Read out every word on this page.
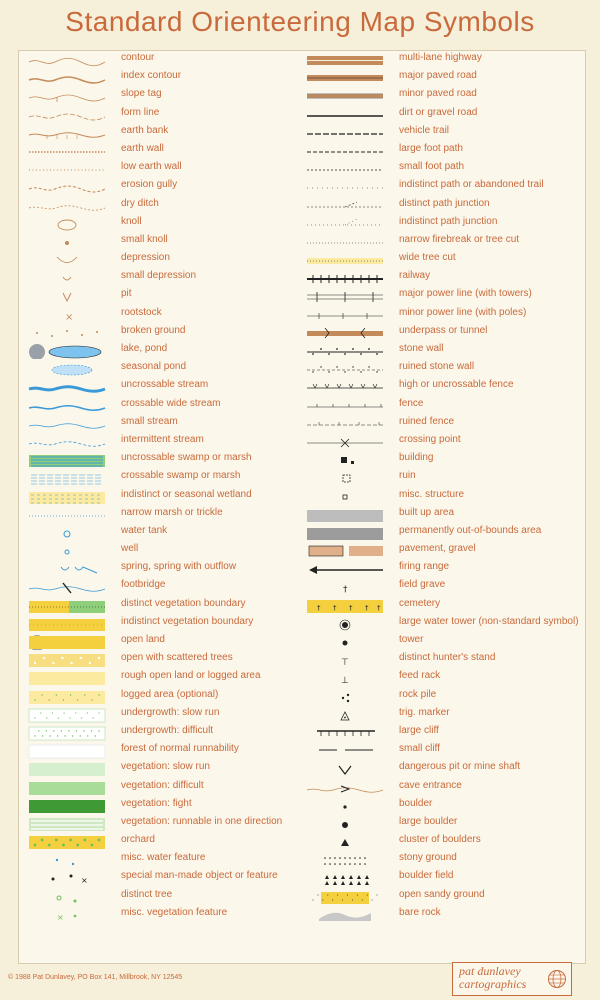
Standard Orienteering Map Symbols
contour
index contour
slope tag
form line
earth bank
earth wall
low earth wall
erosion gully
dry ditch
knoll
small knoll
depression
small depression
pit
×	rootstock
broken ground
lake, pond
seasonal pond
uncrossable stream
crossable wide stream
small stream
intermittent stream
uncrossable swamp or marsh
crossable swamp or marsh
indistinct or seasonal wetland
narrow marsh or trickle
water tank
well
spring, spring with outflow
footbridge
distinct vegetation boundary
indistinct vegetation boundary
open land
open with scattered trees
rough open land or logged area
logged area (optional)
undergrowth: slow run
undergrowth: difficult
forest of normal runnability
vegetation: slow run
vegetation: difficult
vegetation: fight
vegetation: runnable in one direction
orchard
misc. water feature
×	special man-made object or feature
distinct tree
×	misc. vegetation feature
multi-lane highway
major paved road
minor paved road
dirt or gravel road
vehicle trail
large foot path
small foot path
indistinct path or abandoned trail
distinct path junction
indistinct path junction
narrow firebreak or tree cut
wide tree cut
railway
major power line (with towers)
minor power line (with poles)
underpass or tunnel
stone wall
ruined stone wall
high or uncrossable fence
fence
ruined fence
crossing point
building
ruin
misc. structure
built up area
permanently out-of-bounds area
pavement, gravel
firing range
†	field grave
† † † † † cemetery
large water tower (non-standard symbol)
tower
⊤	distinct hunter's stand
⊥	feed rack
rock pile
trig. marker
large cliff
small cliff
dangerous pit or mine shaft
cave entrance
boulder
large boulder
cluster of boulders
stony ground
boulder field
open sandy ground
bare rock
© 1988 Pat Dunlavey, PO Box 141, Millbrook, NY 12545	pat dunlavey
cartographics
